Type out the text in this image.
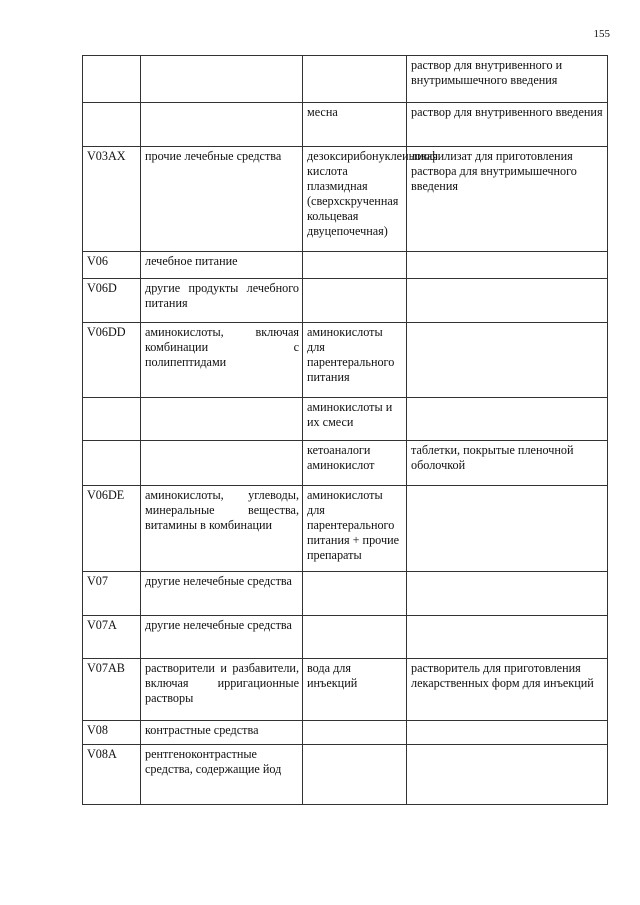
155
			раствор для внутривенного и внутримышечного введения
		месна	раствор для внутривенного введения
V03AX	прочие лечебные средства	дезоксирибонуклеиновая кислота плазмидная (сверхскрученная кольцевая двуцепочечная)	лиофилизат для приготовления раствора для внутримышечного введения
V06	лечебное питание		
V06D	другие продукты лечебного питания		
V06DD	аминокислоты, включая комбинации с полипептидами	аминокислоты для парентерального питания	
		аминокислоты и их смеси	
		кетоаналоги аминокислот	таблетки, покрытые пленочной оболочкой
V06DE	аминокислоты, углеводы, минеральные вещества, витамины в комбинации	аминокислоты для парентерального питания + прочие препараты	
V07	другие нелечебные средства		
V07A	другие нелечебные средства		
V07AB	растворители и разбавители, включая ирригационные растворы	вода для инъекций	растворитель для приготовления лекарственных форм для инъекций
V08	контрастные средства		
V08A	рентгеноконтрастные средства, содержащие йод		
